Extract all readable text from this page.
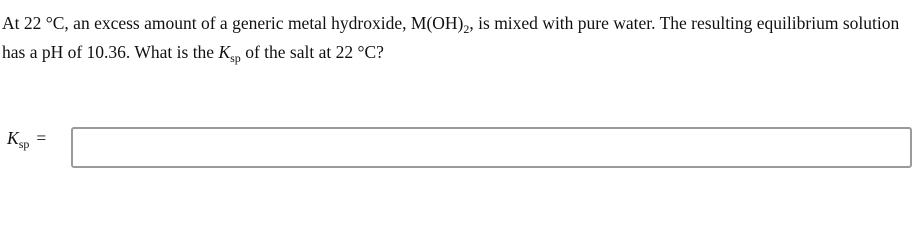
At 22 °C, an excess amount of a generic metal hydroxide, $M(OH)_2$, is mixed with pure water. The resulting equilibrium solution
has a pH of 10.36. What is the $K_{sp}$ of the salt at 22 °C?
$K_{sp}$ =
